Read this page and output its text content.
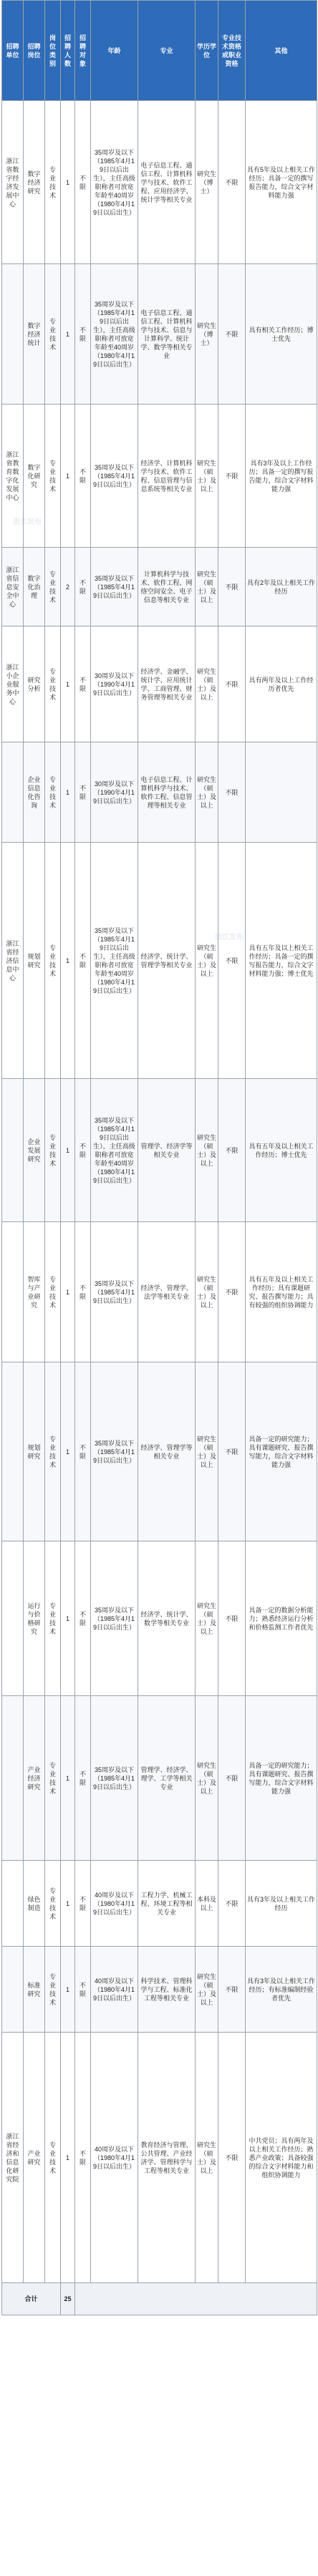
招聘单位	招聘岗位	岗位类别	招聘人数	招聘对象	年龄	专业	学历学位	专业技术资格或职业资格	其他
浙江省数字经济发展中心	数字经济研究	专业技术	1	不限	35周岁及以下（1985年4月19日以后出生），主任高级职称者可放宽年龄至40周岁（1980年4月19日以后出生）	电子信息工程、通信工程、计算机科学与技术、软件工程、应用经济学、统计学等相关专业	研究生（博士）	不限	具有5年及以上相关工作经历；具备一定的撰写报告能力，综合文字材料能力强
	数字经济统计	专业技术	1	不限	35周岁及以下（1985年4月19日以后出生），主任高级职称者可放宽年龄至40周岁（1980年4月19日以后出生）	电子信息工程、通信工程、计算机科学与技术、信息与计算科学、统计学、数学等相关专业	研究生（博士）	不限	具有相关工作经历；博士优先
浙江省教育数字化发展中心	数字化研究	专业技术	1	不限	35周岁及以下（1985年4月19日以后出生）	经济学、计算机科学与技术、软件工程、信息管理与信息系统等相关专业	研究生（硕士）及以上	不限	具有3年及以上工作经历；具备一定的撰写报告能力，综合文字材料能力强
浙江省信息安全中心	数字化治理	专业技术	2	不限	35周岁及以下（1985年4月19日以后出生）	计算机科学与技术、软件工程、网络空间安全、电子信息等相关专业	研究生（硕士）及以上	不限	具有2年及以上相关工作经历
浙江小企业服务中心	研究分析	专业技术	1	不限	30周岁及以下（1990年4月19日以后出生）	经济学、金融学、统计学、应用统计学、工商管理、财务管理等相关专业	研究生（硕士）及以上	不限	具有两年及以上工作经历者优先
	企业信息化咨询	专业技术	1	不限	30周岁及以下（1990年4月19日以后出生）	电子信息工程、计算机科学与技术、软件工程、信息管理等相关专业	研究生（硕士）及以上	不限	
浙江省经济信息中心	规划研究	专业技术	1	不限	35周岁及以下（1985年4月19日以后出生），主任高级职称者可放宽年龄至40周岁（1980年4月19日以后出生）	经济学、统计学、管理学等相关专业	研究生（硕士）及以上	不限	具有五年及以上相关工作经历；具备一定的撰写报告能力，综合文字材料能力强；博士优先
	企业发展研究	专业技术	1	不限	35周岁及以下（1985年4月19日以后出生），主任高级职称者可放宽年龄至40周岁（1980年4月19日以后出生）	管理学、经济学等相关专业	研究生（硕士）及以上	不限	具有五年及以上相关工作经历；博士优先
	智库与产业研究	专业技术	1	不限	35周岁及以下（1985年4月19日以后出生）	经济学、管理学、法学等相关专业	研究生（硕士）及以上	不限	具有五年及以上相关工作经历；具有课题研究、报告撰写能力；具有较强的组织协调能力
	规划研究	专业技术	1	不限	35周岁及以下（1985年4月19日以后出生）	经济学、管理学等相关专业	研究生（硕士）及以上	不限	具备一定的研究能力；具有课题研究、报告撰写能力，综合文字材料能力强
	运行与价格研究	专业技术	1	不限	35周岁及以下（1985年4月19日以后出生）	经济学、统计学、数学等相关专业	研究生（硕士）及以上	不限	具备一定的数据分析能力；熟悉经济运行分析和价格监测工作者优先
	产业经济研究	专业技术	1	不限	35周岁及以下（1985年4月19日以后出生）	管理学、经济学、理学、工学等相关专业	研究生（硕士）及以上	不限	具备一定的研究能力；具有课题研究、报告撰写能力，综合文字材料能力强
	绿色制造	专业技术	1	不限	40周岁及以下（1980年4月19日以后出生）	工程力学、机械工程、环境工程等相关专业	本科及以上	不限	具有3年及以上相关工作经历
	标准研究	专业技术	1	不限	40周岁及以下（1980年4月19日以后出生）	科学技术、管理科学与工程、标准化工程等相关专业	研究生（硕士）及以上	不限	具有3年及以上相关工作经历；有标准编制经验者优先
浙江省经济和信息化研究院	产业研究	专业技术	1	不限	40周岁及以下（1980年4月19日以后出生）	教育经济与管理、公共管理、产业经济学、管理科学与工程等相关专业	研究生（硕士）及以上	不限	中共党员；具有两年及以上相关工作经历；熟悉产业政策；具备较强的综合文字材料能力和组织协调能力
合计			25						
浙江发布
浙江发布
